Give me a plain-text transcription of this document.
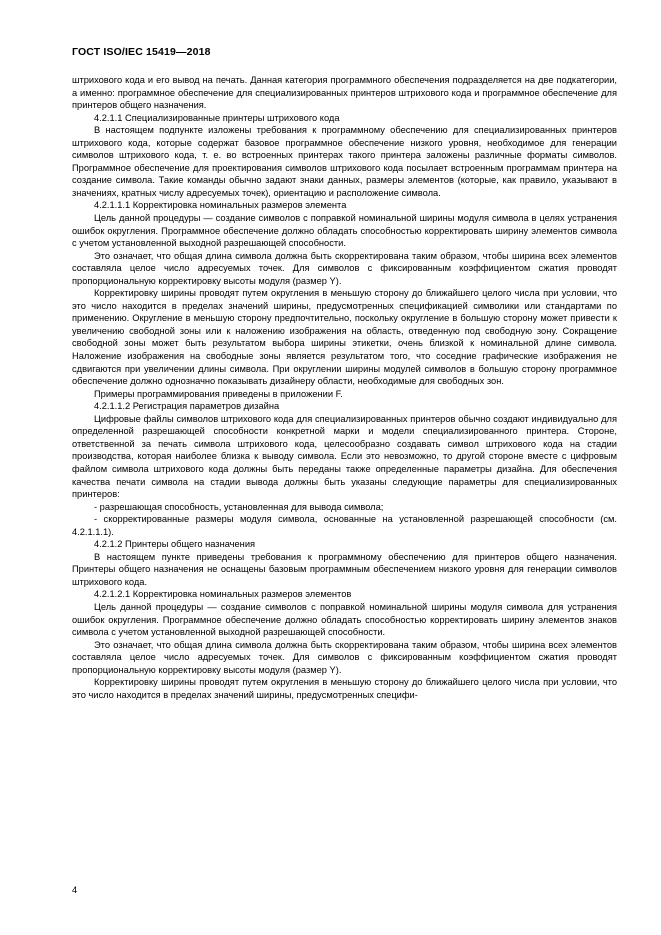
ГОСТ ISO/IEC 15419—2018

штрихового кода и его вывод на печать. Данная категория программного обеспечения подразделяется на две подкатегории, а именно: программное обеспечение для специализированных принтеров штрихового кода и программное обеспечение для принтеров общего назначения.

4.2.1.1 Специализированные принтеры штрихового кода

В настоящем подпункте изложены требования к программному обеспечению для специализированных принтеров штрихового кода, которые содержат базовое программное обеспечение низкого уровня, необходимое для генерации символов штрихового кода, т. е. во встроенных принтерах такого принтера заложены различные форматы символов. Программное обеспечение для проектирования символов штрихового кода посылает встроенным программам принтера на создание символа. Такие команды обычно задают знаки данных, размеры элементов (которые, как правило, указывают в значениях, кратных числу адресуемых точек), ориентацию и расположение символа.

4.2.1.1.1 Корректировка номинальных размеров элемента

Цель данной процедуры — создание символов с поправкой номинальной ширины модуля символа в целях устранения ошибок округления. Программное обеспечение должно обладать способностью корректировать ширину элементов символа с учетом установленной выходной разрешающей способности.

Это означает, что общая длина символа должна быть скорректирована таким образом, чтобы ширина всех элементов составляла целое число адресуемых точек. Для символов с фиксированным коэффициентом сжатия проводят пропорциональную корректировку высоты модуля (размер Y).

Корректировку ширины проводят путем округления в меньшую сторону до ближайшего целого числа при условии, что это число находится в пределах значений ширины, предусмотренных спецификацией символики или стандартами по применению. Округление в меньшую сторону предпочтительно, поскольку округление в большую сторону может привести к увеличению свободной зоны или к наложению изображения на область, отведенную под свободную зону. Сокращение свободной зоны может быть результатом выбора ширины этикетки, очень близкой к номинальной длине символа. Наложение изображения на свободные зоны является результатом того, что соседние графические изображения не сдвигаются при увеличении длины символа. При округлении ширины модулей символов в большую сторону программное обеспечение должно однозначно показывать дизайнеру области, необходимые для свободных зон.

Примеры программирования приведены в приложении F.

4.2.1.1.2 Регистрация параметров дизайна

Цифровые файлы символов штрихового кода для специализированных принтеров обычно создают индивидуально для определенной разрешающей способности конкретной марки и модели специализированного принтера. Стороне, ответственной за печать символа штрихового кода, целесообразно создавать символ штрихового кода на стадии производства, которая наиболее близка к выводу символа. Если это невозможно, то другой стороне вместе с цифровым файлом символа штрихового кода должны быть переданы также определенные параметры дизайна. Для обеспечения качества печати символа на стадии вывода должны быть указаны следующие параметры для специализированных принтеров:

- разрешающая способность, установленная для вывода символа;

- скорректированные размеры модуля символа, основанные на установленной разрешающей способности (см. 4.2.1.1.1).

4.2.1.2 Принтеры общего назначения

В настоящем пункте приведены требования к программному обеспечению для принтеров общего назначения. Принтеры общего назначения не оснащены базовым программным обеспечением низкого уровня для генерации символов штрихового кода.

4.2.1.2.1 Корректировка номинальных размеров элементов

Цель данной процедуры — создание символов с поправкой номинальной ширины модуля символа для устранения ошибок округления. Программное обеспечение должно обладать способностью корректировать ширину элементов знаков символа с учетом установленной выходной разрешающей способности.

Это означает, что общая длина символа должна быть скорректирована таким образом, чтобы ширина всех элементов составляла целое число адресуемых точек. Для символов с фиксированным коэффициентом сжатия проводят пропорциональную корректировку высоты модуля (размер Y).

Корректировку ширины проводят путем округления в меньшую сторону до ближайшего целого числа при условии, что это число находится в пределах значений ширины, предусмотренных специфи-

4
